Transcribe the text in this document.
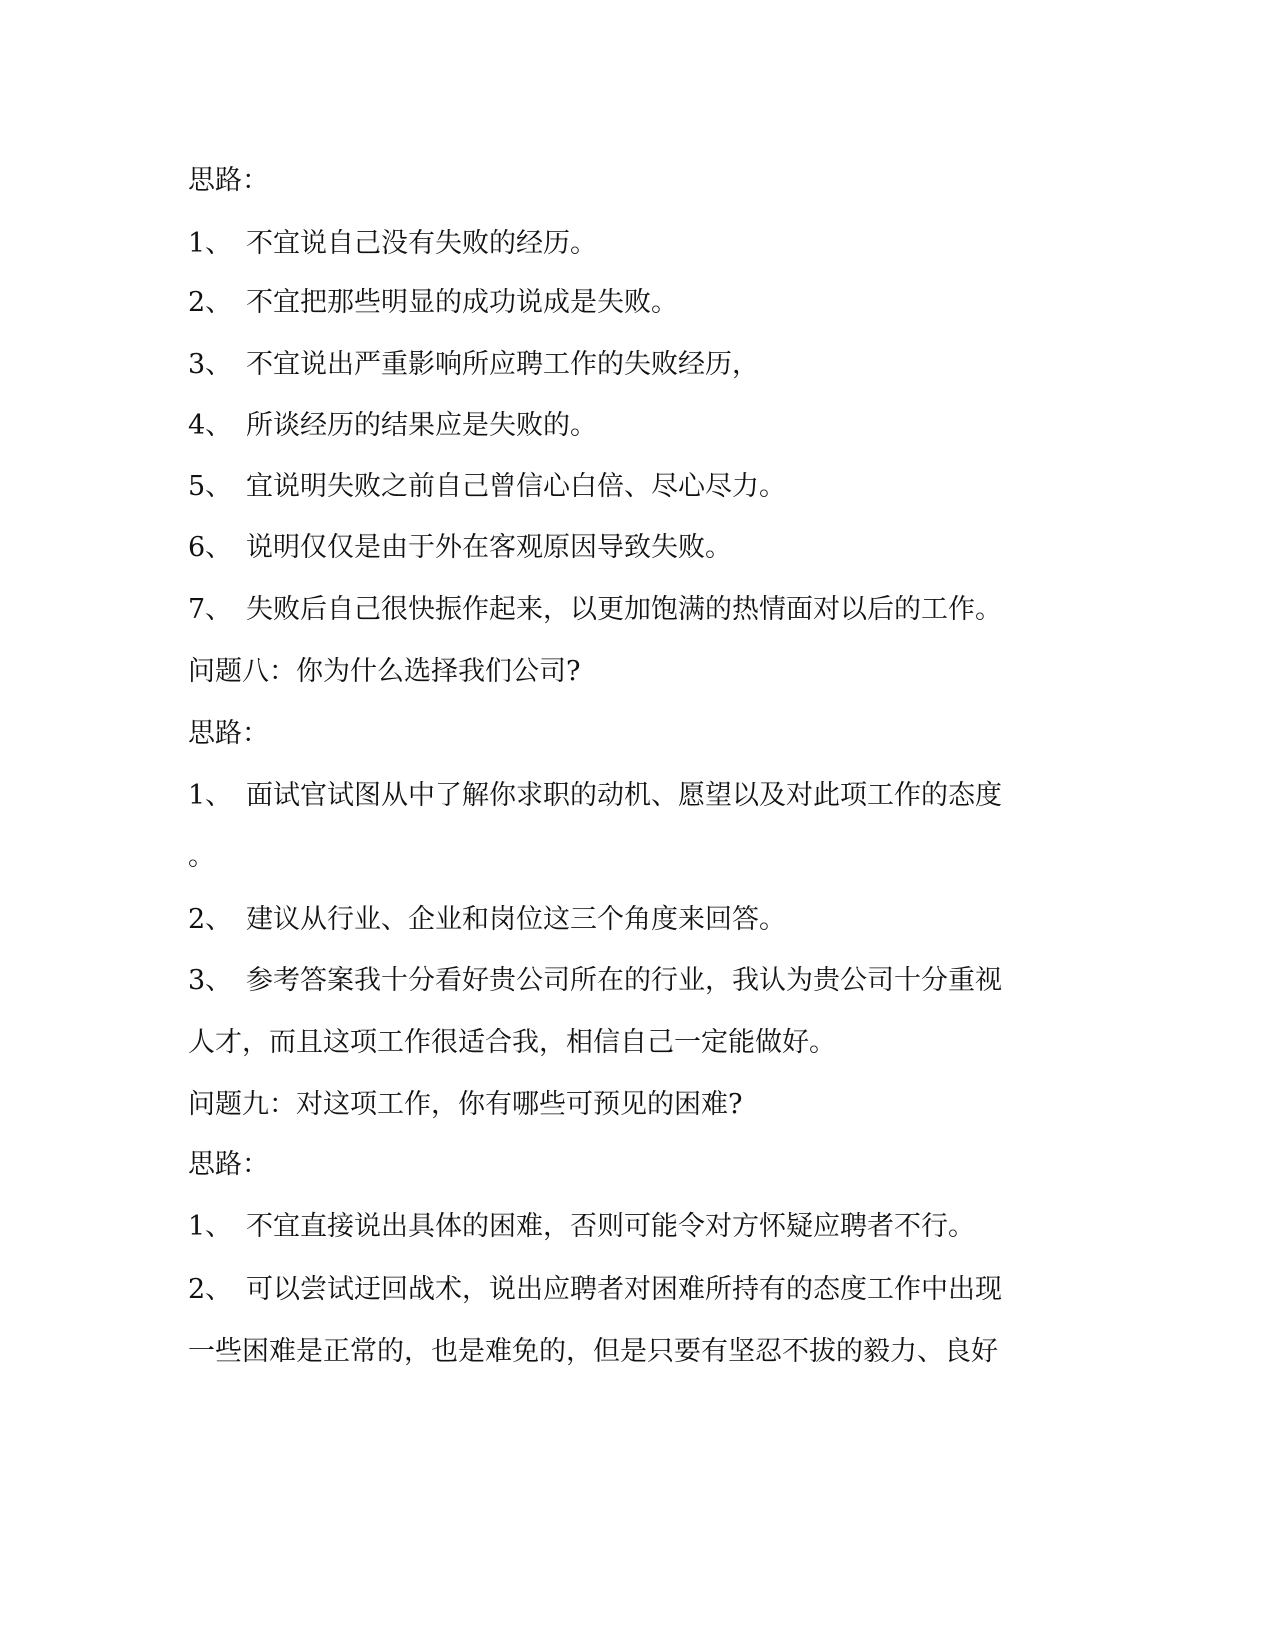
思路：
1、 不宜说自己没有失败的经历。
2、 不宜把那些明显的成功说成是失败。
3、 不宜说出严重影响所应聘工作的失败经历，
4、 所谈经历的结果应是失败的。
5、 宜说明失败之前自己曾信心白倍、尽心尽力。
6、 说明仅仅是由于外在客观原因导致失败。
7、 失败后自己很快振作起来，以更加饱满的热情面对以后的工作。
问题八：你为什么选择我们公司?
思路：
1、 面试官试图从中了解你求职的动机、愿望以及对此项工作的态度
。
2、 建议从行业、企业和岗位这三个角度来回答。
3、 参考答案我十分看好贵公司所在的行业，我认为贵公司十分重视
人才，而且这项工作很适合我，相信自己一定能做好。
问题九：对这项工作，你有哪些可预见的困难?
思路：
1、 不宜直接说出具体的困难，否则可能令对方怀疑应聘者不行。
2、 可以尝试迂回战术，说出应聘者对困难所持有的态度工作中出现
一些困难是正常的，也是难免的，但是只要有坚忍不拔的毅力、良好
